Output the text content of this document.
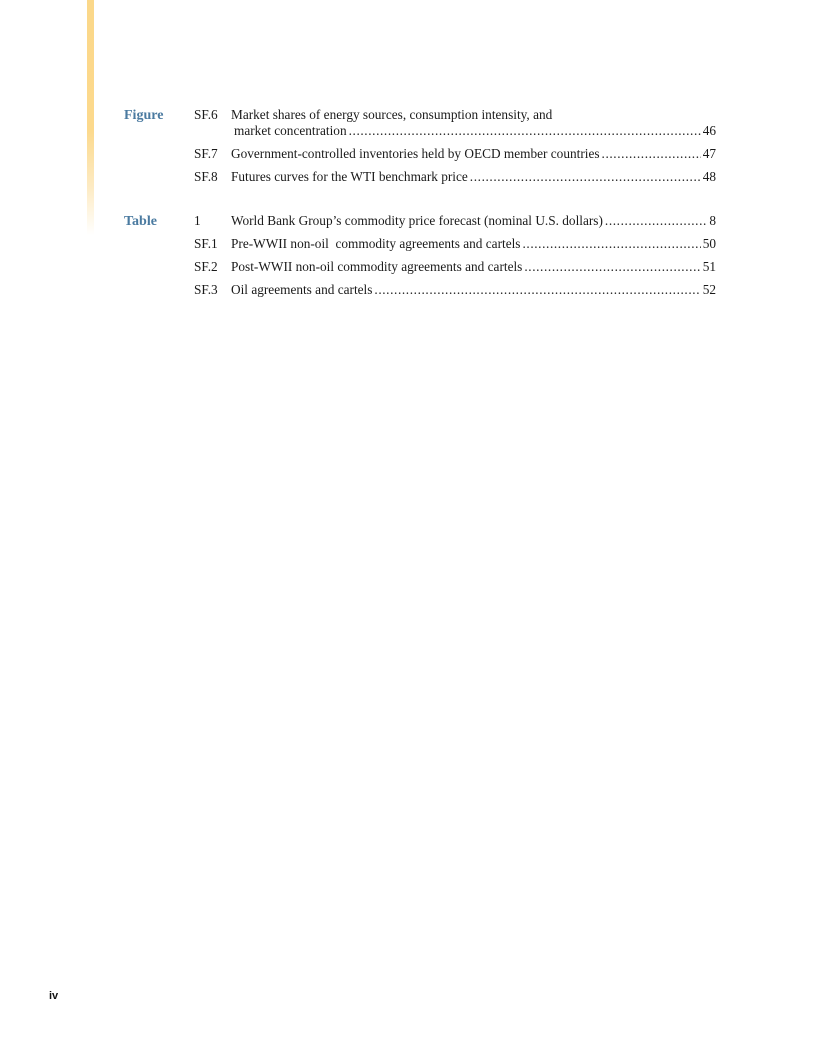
Figure SF.6 Market shares of energy sources, consumption intensity, and
market concentration .....	46
SF.7 Government-controlled inventories held by OECD member countries .....	47
SF.8 Futures curves for the WTI benchmark price .....	48
Table	1	World Bank Group’s commodity price forecast (nominal U.S. dollars) .....	8
SF.1 Pre-WWII non-oil  commodity agreements and cartels .....	50
SF.2 Post-WWII non-oil commodity agreements and cartels .....	51
SF.3 Oil agreements and cartels .....	52
iv
